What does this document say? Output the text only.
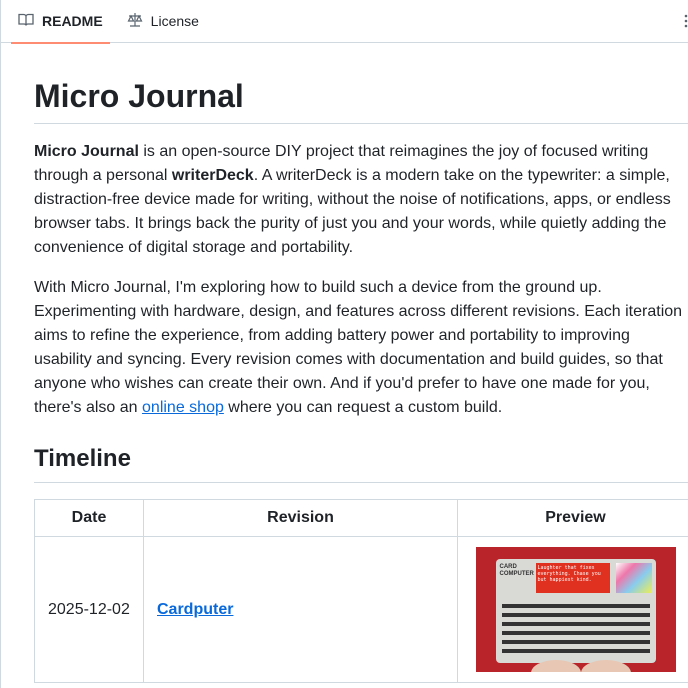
README	License
Micro Journal

Micro Journal is an open-source DIY project that reimagines the joy of focused writing through a personal writerDeck. A writerDeck is a modern take on the typewriter: a simple, distraction-free device made for writing, without the noise of notifications, apps, or endless browser tabs. It brings back the purity of just you and your words, while quietly adding the convenience of digital storage and portability.

With Micro Journal, I'm exploring how to build such a device from the ground up. Experimenting with hardware, design, and features across different revisions. Each iteration aims to refine the experience, from adding battery power and portability to improving usability and syncing. Every revision comes with documentation and build guides, so that anyone who wishes can create their own. And if you'd prefer to have one made for you, there's also an online shop where you can request a custom build.

Timeline
Date	Revision	Preview
2025-12-02	Cardputer	CARD COMPUTER
Laughter that fixes everything. Chase you but happiest kind.
